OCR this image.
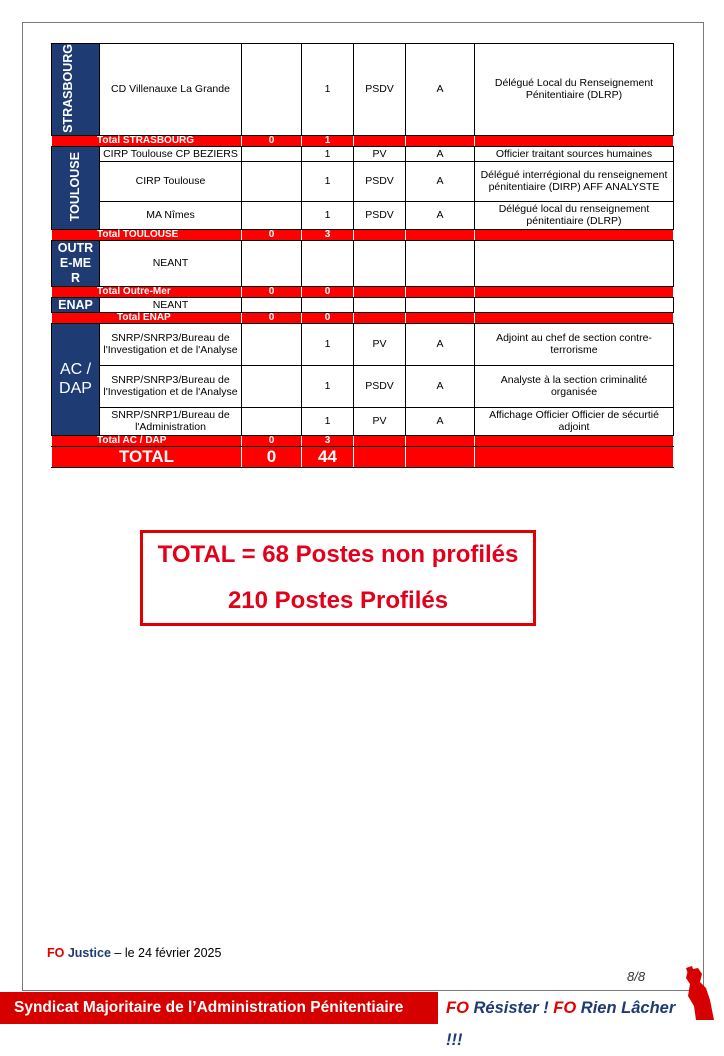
STRASBOURG	CD Villenauxe La Grande		1	PSDV	A	Délégué Local du Renseignement Pénitentiaire (DLRP)
Total STRASBOURG		0	1			
TOULOUSE	CIRP Toulouse CP BEZIERS		1	PV	A	Officier traitant sources humaines
	CIRP Toulouse		1	PSDV	A	Délégué interrégional du renseignement pénitentiaire (DIRP) AFF ANALYSTE
	MA Nîmes		1	PSDV	A	Délégué local du renseignement pénitentiaire (DLRP)
Total TOULOUSE		0	3			
OUTRE-MER	NEANT					
Total Outre-Mer		0	0			
ENAP	NEANT					
Total ENAP		0	0			
AC / DAP	SNRP/SNRP3/Bureau de l'Investigation et de l'Analyse		1	PV	A	Adjoint au chef de section contre-terrorisme
	SNRP/SNRP3/Bureau de l'Investigation et de l'Analyse		1	PSDV	A	Analyste à la section criminalité organisée
	SNRP/SNRP1/Bureau de l'Administration		1	PV	A	Affichage Officier Officier de sécurtié adjoint
Total AC / DAP		0	3			
TOTAL		0	44			
TOTAL = 68 Postes non profilés
210 Postes Profilés
FO Justice – le 24 février 2025
8/8
Syndicat Majoritaire de l’Administration Pénitentiaire	FO Résister ! FO Rien Lâcher !!!
